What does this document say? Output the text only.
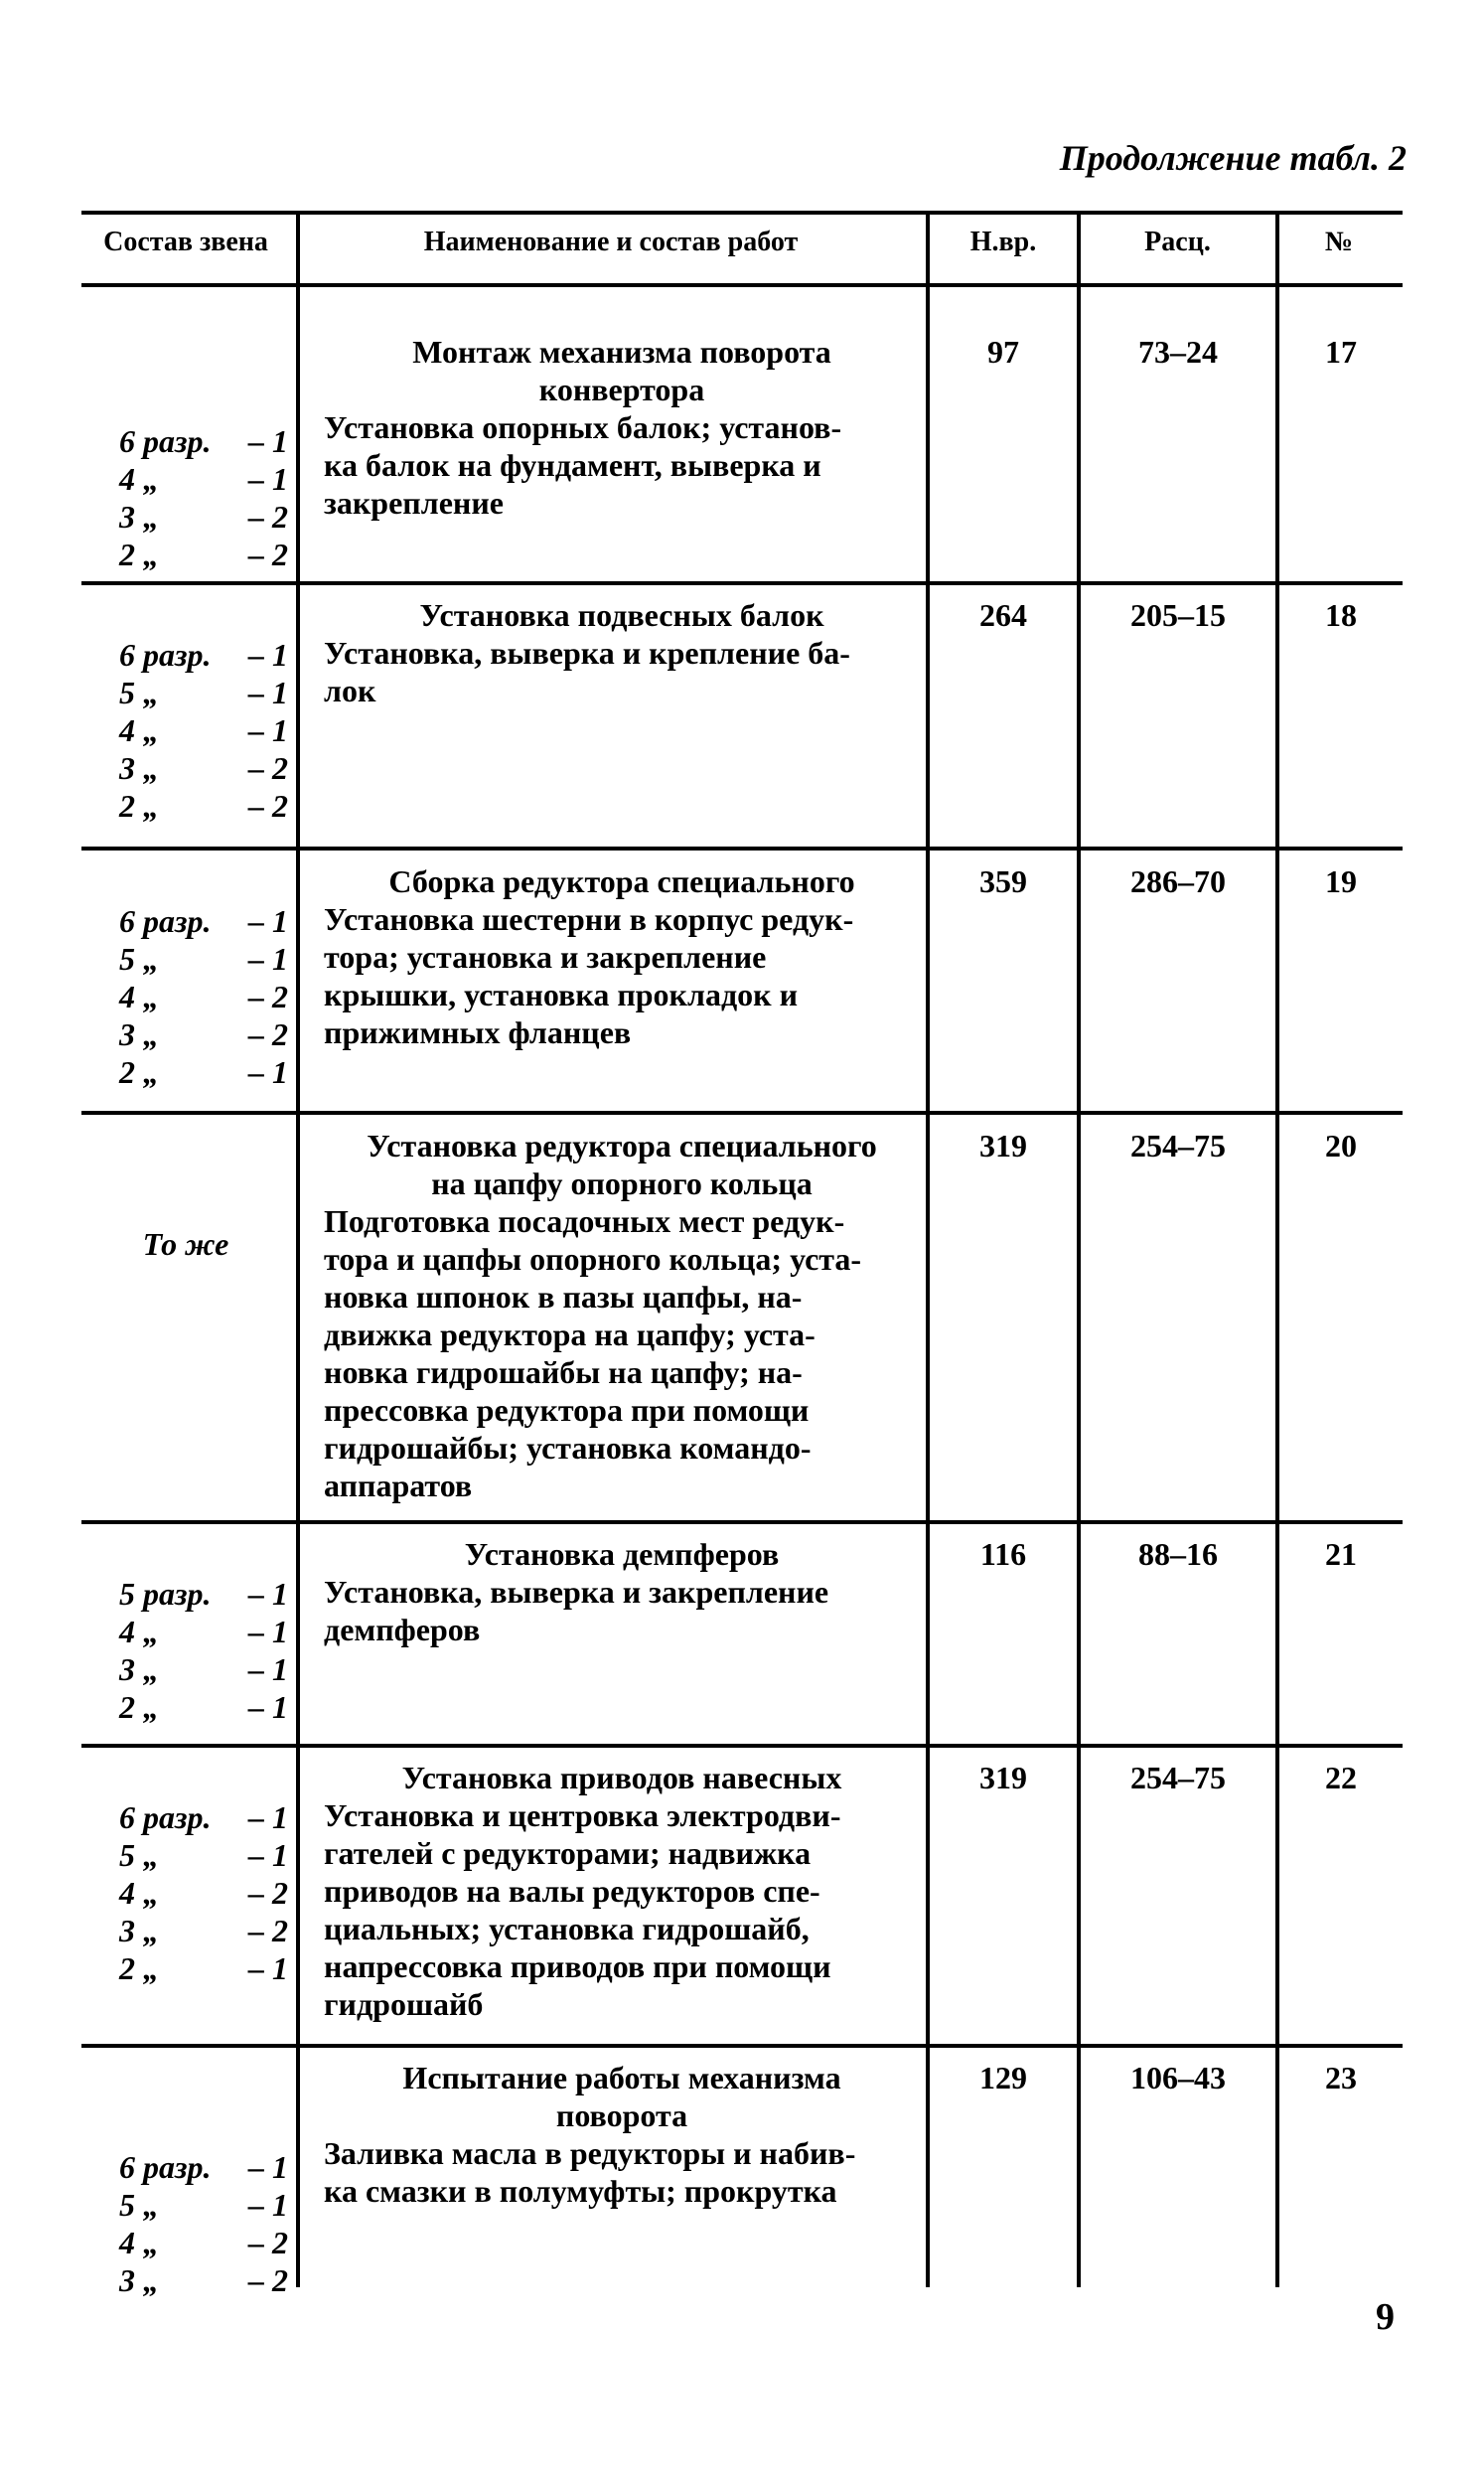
Продолжение табл. 2
Состав звена	Наименование и состав работ	Н.вр.	Расц.	№
6 разр.	– 1
4 „	– 1
3 „	– 2
2 „	– 2
Монтаж механизма поворота
конвертора
Установка опорных балок; установ-
ка балок на фундамент, выверка и
закрепление
97	73–24	17
6 разр.	– 1
5 „	– 1
4 „	– 1
3 „	– 2
2 „	– 2
Установка подвесных балок
Установка, выверка и крепление ба-
лок
264	205–15	18
6 разр.	– 1
5 „	– 1
4 „	– 2
3 „	– 2
2 „	– 1
Сборка редуктора специального
Установка шестерни в корпус редук-
тора; установка и закрепление
крышки, установка прокладок и
прижимных фланцев
359	286–70	19
То же
Установка редуктора специального
на цапфу опорного кольца
Подготовка посадочных мест редук-
тора и цапфы опорного кольца; уста-
новка шпонок в пазы цапфы, на-
движка редуктора на цапфу; уста-
новка гидрошайбы на цапфу; на-
прессовка редуктора при помощи
гидрошайбы; установка командо-
аппаратов
319	254–75	20
5 разр.	– 1
4 „	– 1
3 „	– 1
2 „	– 1
Установка демпферов
Установка, выверка и закрепление
демпферов
116	88–16	21
6 разр.	– 1
5 „	– 1
4 „	– 2
3 „	– 2
2 „	– 1
Установка приводов навесных
Установка и центровка электродви-
гателей с редукторами; надвижка
приводов на валы редукторов спе-
циальных; установка гидрошайб,
напрессовка приводов при помощи
гидрошайб
319	254–75	22
6 разр.	– 1
5 „	– 1
4 „	– 2
3 „	– 2
Испытание работы механизма
поворота
Заливка масла в редукторы и набив-
ка смазки в полумуфты; прокрутка
129	106–43	23
9
